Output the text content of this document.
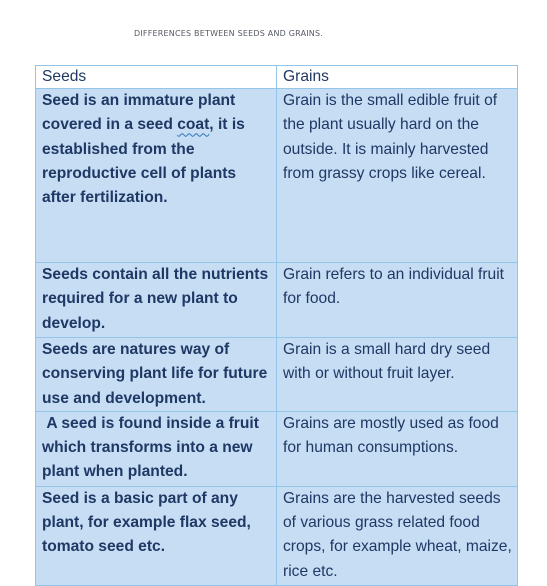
DIFFERENCES BETWEEN SEEDS AND GRAINS.
Seeds	Grains
Seed is an immature plant covered in a seed coat, it is established from the reproductive cell of plants after fertilization.	Grain is the small edible fruit of the plant usually hard on the outside. It is mainly harvested from grassy crops like cereal.
Seeds contain all the nutrients required for a new plant to develop.	Grain refers to an individual fruit for food.
Seeds are natures way of conserving plant life for future use and development.	Grain is a small hard dry seed with or without fruit layer.
A seed is found inside a fruit which transforms into a new plant when planted.	Grains are mostly used as food for human consumptions.
Seed is a basic part of any plant, for example flax seed, tomato seed etc.	Grains are the harvested seeds of various grass related food crops, for example wheat, maize, rice etc.
